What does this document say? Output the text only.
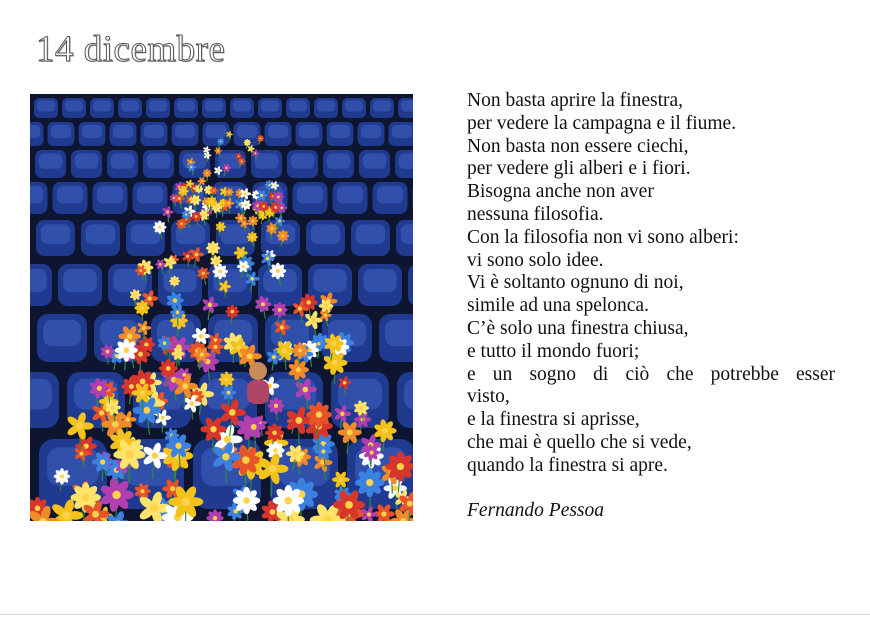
14 dicembre
Non basta aprire la finestra,
per vedere la campagna e il fiume.
Non basta non essere ciechi,
per vedere gli alberi e i fiori.
Bisogna anche non aver
nessuna filosofia.
Con la filosofia non vi sono alberi:
vi sono solo idee.
Vi è soltanto ognuno di noi,
simile ad una spelonca.
C’è solo una finestra chiusa,
e tutto il mondo fuori;
e un sogno di ciò che potrebbe esser
visto,
e la finestra si aprisse,
che mai è quello che si vede,
quando la finestra si apre.
Fernando Pessoa
